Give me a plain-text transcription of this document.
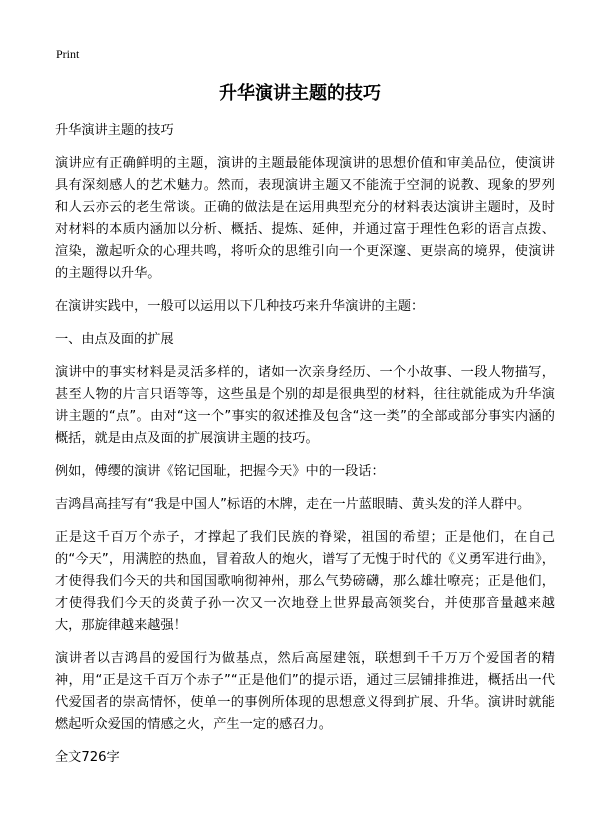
Print
升华演讲主题的技巧

升华演讲主题的技巧

演讲应有正确鲜明的主题，演讲的主题最能体现演讲的思想价值和审美品位，使演讲具有深刻感人的艺术魅力。然而，表现演讲主题又不能流于空洞的说教、现象的罗列和人云亦云的老生常谈。正确的做法是在运用典型充分的材料表达演讲主题时，及时对材料的本质内涵加以分析、概括、提炼、延伸，并通过富于理性色彩的语言点拨、渲染，激起听众的心理共鸣，将听众的思维引向一个更深邃、更崇高的境界，使演讲的主题得以升华。

在演讲实践中，一般可以运用以下几种技巧来升华演讲的主题：

一、由点及面的扩展

演讲中的事实材料是灵活多样的，诸如一次亲身经历、一个小故事、一段人物描写，甚至人物的片言只语等等，这些虽是个别的却是很典型的材料，往往就能成为升华演讲主题的“点”。由对“这一个”事实的叙述推及包含“这一类”的全部或部分事实内涵的概括，就是由点及面的扩展演讲主题的技巧。

例如，傅缨的演讲《铭记国耻，把握今天》中的一段话：

吉鸿昌高挂写有“我是中国人”标语的木牌，走在一片蓝眼睛、黄头发的洋人群中。

正是这千百万个赤子，才撑起了我们民族的脊梁，祖国的希望；正是他们，在自己的“今天”，用满腔的热血，冒着敌人的炮火，谱写了无愧于时代的《义勇军进行曲》，才使得我们今天的共和国国歌响彻神州，那么气势磅礴，那么雄壮嘹亮；正是他们，才使得我们今天的炎黄子孙一次又一次地登上世界最高领奖台，并使那音量越来越大，那旋律越来越强！

演讲者以吉鸿昌的爱国行为做基点，然后高屋建瓴，联想到千千万万个爱国者的精神，用“正是这千百万个赤子”“正是他们”的提示语，通过三层铺排推进，概括出一代代爱国者的崇高情怀，使单一的事例所体现的思想意义得到扩展、升华。演讲时就能燃起听众爱国的情感之火，产生一定的感召力。

全文726字
